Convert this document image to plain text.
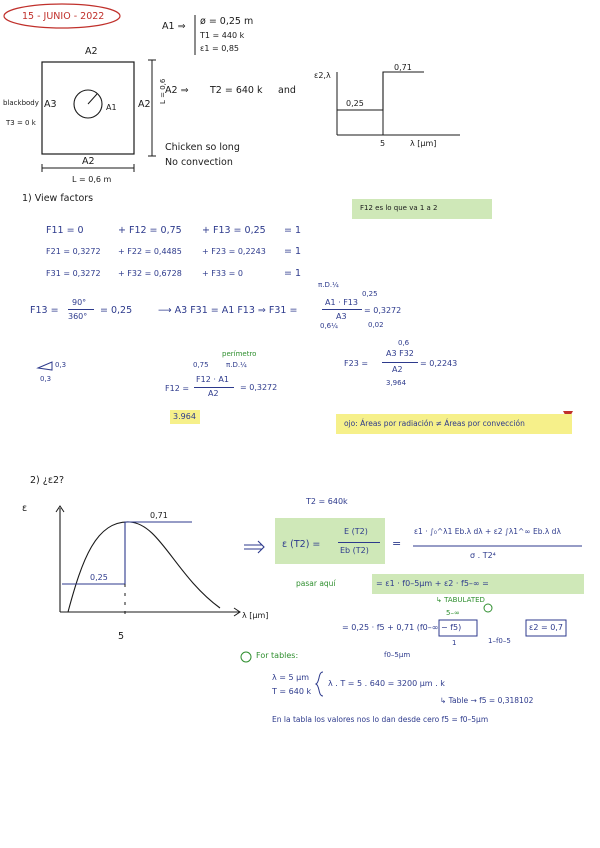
15 - JUNIO - 2022
A1 ⇒ ø = 0,25 m
T1 = 440 k
ε1 = 0,85
A2
A2
A2
A3	A1
blackbody
T3 = 0 k
L = 0,6
L = 0,6 m
A2 ⇒ T2 = 640 k and
Chicken so long
No convection
ε2,λ
0,71
0,25
5	λ [μm]
1) View factors
F12 es lo que va 1 a 2
F11 = 0	+ F12 = 0,75 + F13 = 0,25 = 1
F21 = 0,3272 + F22 = 0,4485	+ F23 = 0,2243 = 1
F31 = 0,3272 + F32 = 0,6728	+ F33 = 0	= 1
F13 =
90°
360°
= 0,25	⟶ A3 F31 = A1 F13 ⇒ F31 =
A1 · F13
A3
= 0,3272
π.D.¼
0,25
0,6¼	0,02
0,3
0,3
perímetro
0,75 π.D.¼
F12 =
F12 · A1
A2
= 0,3272
3.964
F23 =
A3 F32
A2
= 0,2243
0,6
3,964
ojo: Áreas por radiación ≠ Áreas por convección
2) ¿ε2?
ε
0,71
0,25
5
λ [μm]
T2 = 640k
ε (T2) =
E (T2)
Eb (T2)
=
ε1 · ∫₀^λ1 Eb.λ dλ + ε2 ∫λ1^∞ Eb.λ dλ
σ . T2⁴
pasar aquí	= ε1 · f0–5μm + ε2 · f5–∞ =
↳ TABULATED
= 0,25 · f5 + 0,71 (f0–∞ − f5)
5–∞
1
f0–5μm
1–f0–5
ε2 = 0,7
For tables:
λ = 5 μm
T = 640 k
λ . T = 5 . 640 = 3200 μm . k
↳ Table → f5 = 0,318102
En la tabla los valores nos lo dan desde cero f5 = f0–5μm
